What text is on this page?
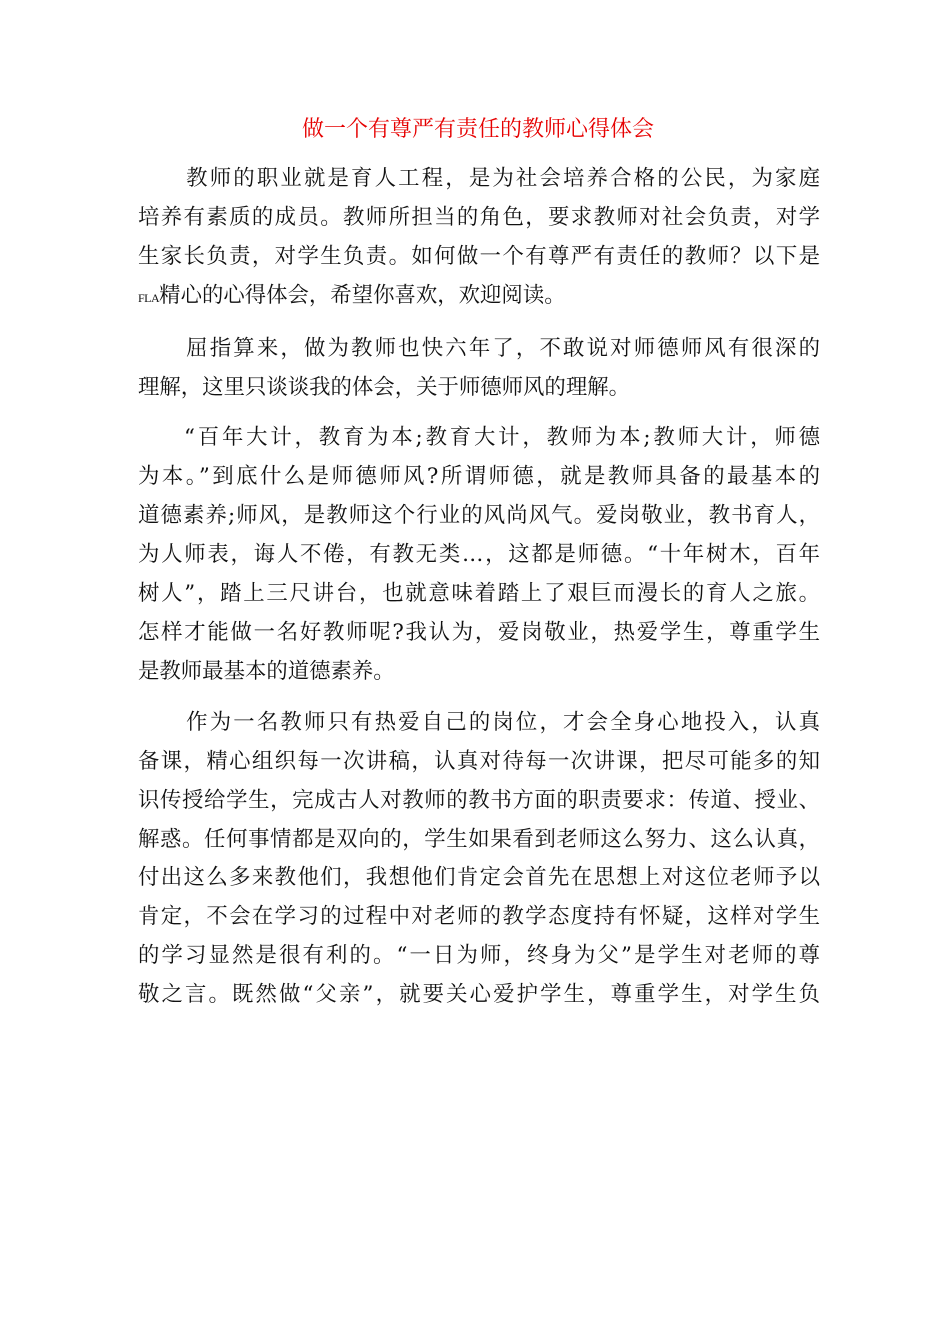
做一个有尊严有责任的教师心得体会
教师的职业就是育人工程，是为社会培养合格的公民，为家庭
培养有素质的成员。教师所担当的角色，要求教师对社会负责，对学
生家长负责，对学生负责。如何做一个有尊严有责任的教师？以下是
FLA精心的心得体会，希望你喜欢，欢迎阅读。
屈指算来，做为教师也快六年了，不敢说对师德师风有很深的
理解，这里只谈谈我的体会，关于师德师风的理解。
“百年大计，教育为本;教育大计，教师为本;教师大计，师德
为本。”到底什么是师德师风?所谓师德，就是教师具备的最基本的
道德素养;师风，是教师这个行业的风尚风气。爱岗敬业，教书育人，
为人师表，诲人不倦，有教无类…，这都是师德。“十年树木，百年
树人”，踏上三尺讲台，也就意味着踏上了艰巨而漫长的育人之旅。
怎样才能做一名好教师呢?我认为，爱岗敬业，热爱学生，尊重学生
是教师最基本的道德素养。
作为一名教师只有热爱自己的岗位，才会全身心地投入，认真
备课，精心组织每一次讲稿，认真对待每一次讲课，把尽可能多的知
识传授给学生，完成古人对教师的教书方面的职责要求：传道、授业、
解惑。任何事情都是双向的，学生如果看到老师这么努力、这么认真，
付出这么多来教他们，我想他们肯定会首先在思想上对这位老师予以
肯定，不会在学习的过程中对老师的教学态度持有怀疑，这样对学生
的学习显然是很有利的。“一日为师，终身为父”是学生对老师的尊
敬之言。既然做“父亲”，就要关心爱护学生，尊重学生，对学生负
